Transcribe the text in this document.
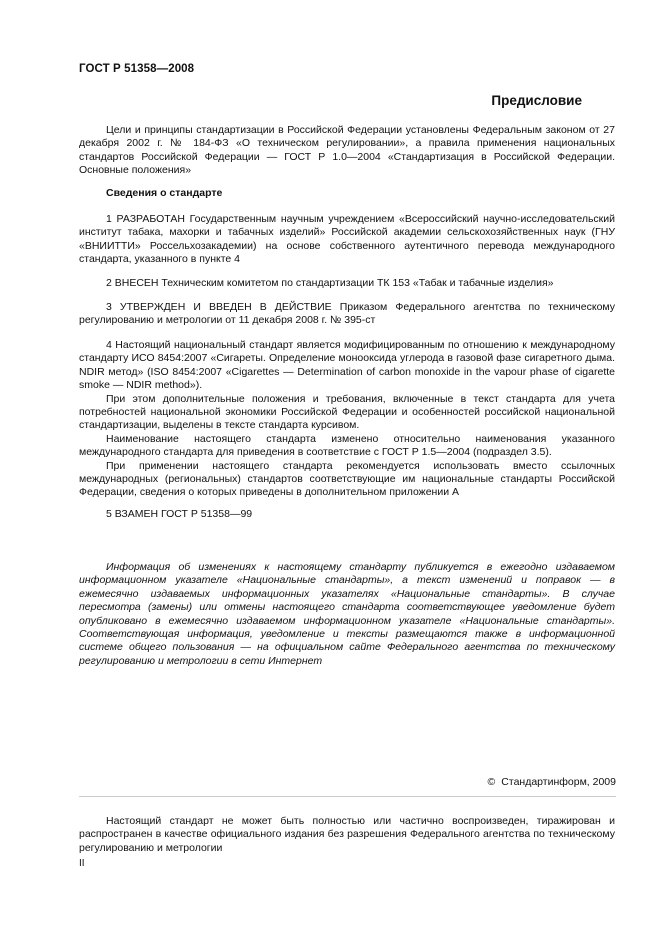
ГОСТ Р 51358—2008
Предисловие

Цели и принципы стандартизации в Российской Федерации установлены Федеральным законом от 27 декабря 2002 г. № 184-ФЗ «О техническом регулировании», а правила применения национальных стандартов Российской Федерации — ГОСТ Р 1.0—2004 «Стандартизация в Российской Федерации. Основные положения»

Сведения о стандарте

1 РАЗРАБОТАН Государственным научным учреждением «Всероссийский научно-исследовательский институт табака, махорки и табачных изделий» Российской академии сельскохозяйственных наук (ГНУ «ВНИИТТИ» Россельхозакадемии) на основе собственного аутентичного перевода международного стандарта, указанного в пункте 4

2 ВНЕСЕН Техническим комитетом по стандартизации ТК 153 «Табак и табачные изделия»

3 УТВЕРЖДЕН И ВВЕДЕН В ДЕЙСТВИЕ Приказом Федерального агентства по техническому регулированию и метрологии от 11 декабря 2008 г. № 395-ст

4 Настоящий национальный стандарт является модифицированным по отношению к международному стандарту ИСО 8454:2007 «Сигареты. Определение монооксида углерода в газовой фазе сигаретного дыма. NDIR метод» (ISO 8454:2007 «Cigarettes — Determination of carbon monoxide in the vapour phase of cigarette smoke — NDIR method»).

При этом дополнительные положения и требования, включенные в текст стандарта для учета потребностей национальной экономики Российской Федерации и особенностей российской национальной стандартизации, выделены в тексте стандарта курсивом.

Наименование настоящего стандарта изменено относительно наименования указанного международного стандарта для приведения в соответствие с ГОСТ Р 1.5—2004 (подраздел 3.5).

При применении настоящего стандарта рекомендуется использовать вместо ссылочных международных (региональных) стандартов соответствующие им национальные стандарты Российской Федерации, сведения о которых приведены в дополнительном приложении А

5 ВЗАМЕН ГОСТ Р 51358—99

Информация об изменениях к настоящему стандарту публикуется в ежегодно издаваемом информационном указателе «Национальные стандарты», а текст изменений и поправок — в ежемесячно издаваемых информационных указателях «Национальные стандарты». В случае пересмотра (замены) или отмены настоящего стандарта соответствующее уведомление будет опубликовано в ежемесячно издаваемом информационном указателе «Национальные стандарты». Соответствующая информация, уведомление и тексты размещаются также в информационной системе общего пользования — на официальном сайте Федерального агентства по техническому регулированию и метрологии в сети Интернет

© Стандартинформ, 2009

Настоящий стандарт не может быть полностью или частично воспроизведен, тиражирован и распространен в качестве официального издания без разрешения Федерального агентства по техническому регулированию и метрологии

II
